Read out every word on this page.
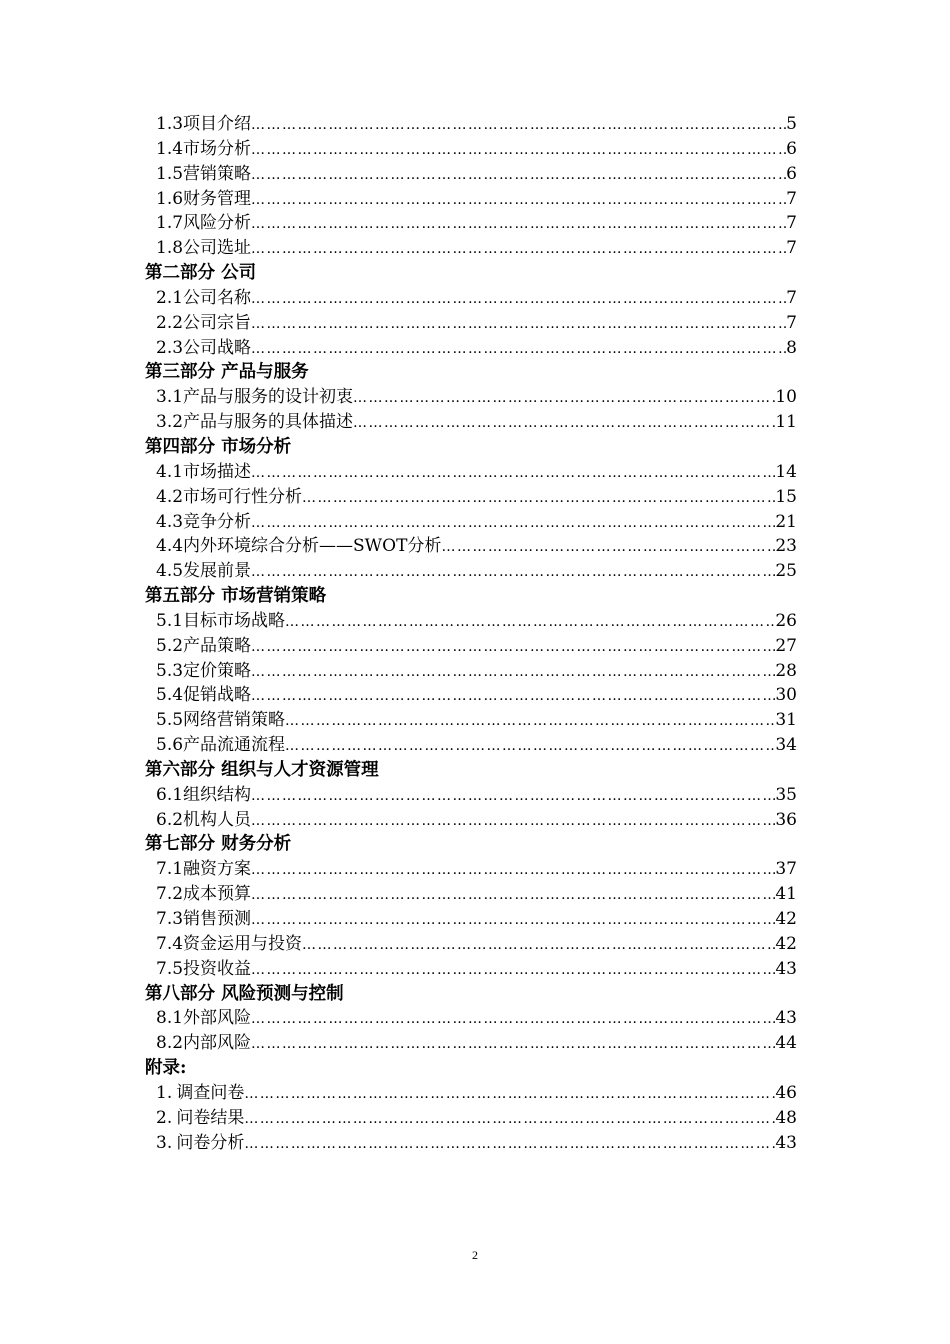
1.3项目介绍 …………………………………………………………………………………………………………………………………………………………………………	5
1.4市场分析 …………………………………………………………………………………………………………………………………………………………………………	6
1.5营销策略 …………………………………………………………………………………………………………………………………………………………………………	6
1.6财务管理 …………………………………………………………………………………………………………………………………………………………………………	7
1.7风险分析 …………………………………………………………………………………………………………………………………………………………………………	7
1.8公司选址 …………………………………………………………………………………………………………………………………………………………………………	7
第二部分 公司
2.1公司名称 …………………………………………………………………………………………………………………………………………………………………………	7
2.2公司宗旨 …………………………………………………………………………………………………………………………………………………………………………	7
2.3公司战略 …………………………………………………………………………………………………………………………………………………………………………	8
第三部分 产品与服务
3.1产品与服务的设计初衷 …………………………………………………………………………………………………………………………………………………………………………	10
3.2产品与服务的具体描述 …………………………………………………………………………………………………………………………………………………………………………	11
第四部分 市场分析
4.1市场描述 …………………………………………………………………………………………………………………………………………………………………………	14
4.2市场可行性分析 …………………………………………………………………………………………………………………………………………………………………………	15
4.3竞争分析 …………………………………………………………………………………………………………………………………………………………………………	21
4.4内外环境综合分析——SWOT分析 …………………………………………………………………………………………………………………………………………………………………………	23
4.5发展前景 …………………………………………………………………………………………………………………………………………………………………………	25
第五部分 市场营销策略
5.1目标市场战略 …………………………………………………………………………………………………………………………………………………………………………	26
5.2产品策略 …………………………………………………………………………………………………………………………………………………………………………	27
5.3定价策略 …………………………………………………………………………………………………………………………………………………………………………	28
5.4促销战略 …………………………………………………………………………………………………………………………………………………………………………	30
5.5网络营销策略 …………………………………………………………………………………………………………………………………………………………………………	31
5.6产品流通流程 …………………………………………………………………………………………………………………………………………………………………………	34
第六部分 组织与人才资源管理
6.1组织结构 …………………………………………………………………………………………………………………………………………………………………………	35
6.2机构人员 …………………………………………………………………………………………………………………………………………………………………………	36
第七部分 财务分析
7.1融资方案 …………………………………………………………………………………………………………………………………………………………………………	37
7.2成本预算 …………………………………………………………………………………………………………………………………………………………………………	41
7.3销售预测 …………………………………………………………………………………………………………………………………………………………………………	42
7.4资金运用与投资 …………………………………………………………………………………………………………………………………………………………………………	42
7.5投资收益 …………………………………………………………………………………………………………………………………………………………………………	43
第八部分 风险预测与控制
8.1外部风险 …………………………………………………………………………………………………………………………………………………………………………	43
8.2内部风险 …………………………………………………………………………………………………………………………………………………………………………	44
附录:
1. 调查问卷 …………………………………………………………………………………………………………………………………………………………………………	46
2. 问卷结果 …………………………………………………………………………………………………………………………………………………………………………	48
3. 问卷分析 …………………………………………………………………………………………………………………………………………………………………………	43
2
